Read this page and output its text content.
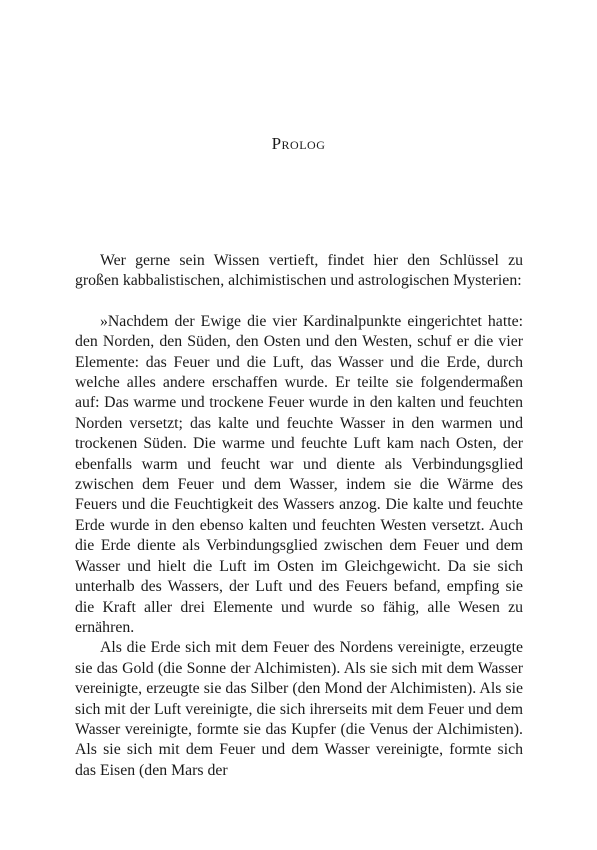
Prolog

Wer gerne sein Wissen vertieft, findet hier den Schlüssel zu großen kabbalistischen, alchimistischen und astrologischen Mysterien:

»Nachdem der Ewige die vier Kardinalpunkte eingerichtet hatte: den Norden, den Süden, den Osten und den Westen, schuf er die vier Elemente: das Feuer und die Luft, das Wasser und die Erde, durch welche alles andere erschaffen wurde. Er teilte sie folgendermaßen auf: Das warme und trockene Feuer wurde in den kalten und feuchten Norden versetzt; das kalte und feuchte Wasser in den warmen und trockenen Süden. Die warme und feuchte Luft kam nach Osten, der ebenfalls warm und feucht war und diente als Verbindungsglied zwischen dem Feuer und dem Wasser, indem sie die Wärme des Feuers und die Feuchtigkeit des Wassers anzog. Die kalte und feuchte Erde wurde in den ebenso kalten und feuchten Westen versetzt. Auch die Erde diente als Verbindungsglied zwischen dem Feuer und dem Wasser und hielt die Luft im Osten im Gleichgewicht. Da sie sich unterhalb des Wassers, der Luft und des Feuers befand, empfing sie die Kraft aller drei Elemente und wurde so fähig, alle Wesen zu ernähren.

Als die Erde sich mit dem Feuer des Nordens vereinigte, erzeugte sie das Gold (die Sonne der Alchimisten). Als sie sich mit dem Wasser vereinigte, erzeugte sie das Silber (den Mond der Alchimisten). Als sie sich mit der Luft vereinigte, die sich ihrerseits mit dem Feuer und dem Wasser vereinigte, formte sie das Kupfer (die Venus der Alchimisten). Als sie sich mit dem Feuer und dem Wasser vereinigte, formte sich das Eisen (den Mars der
